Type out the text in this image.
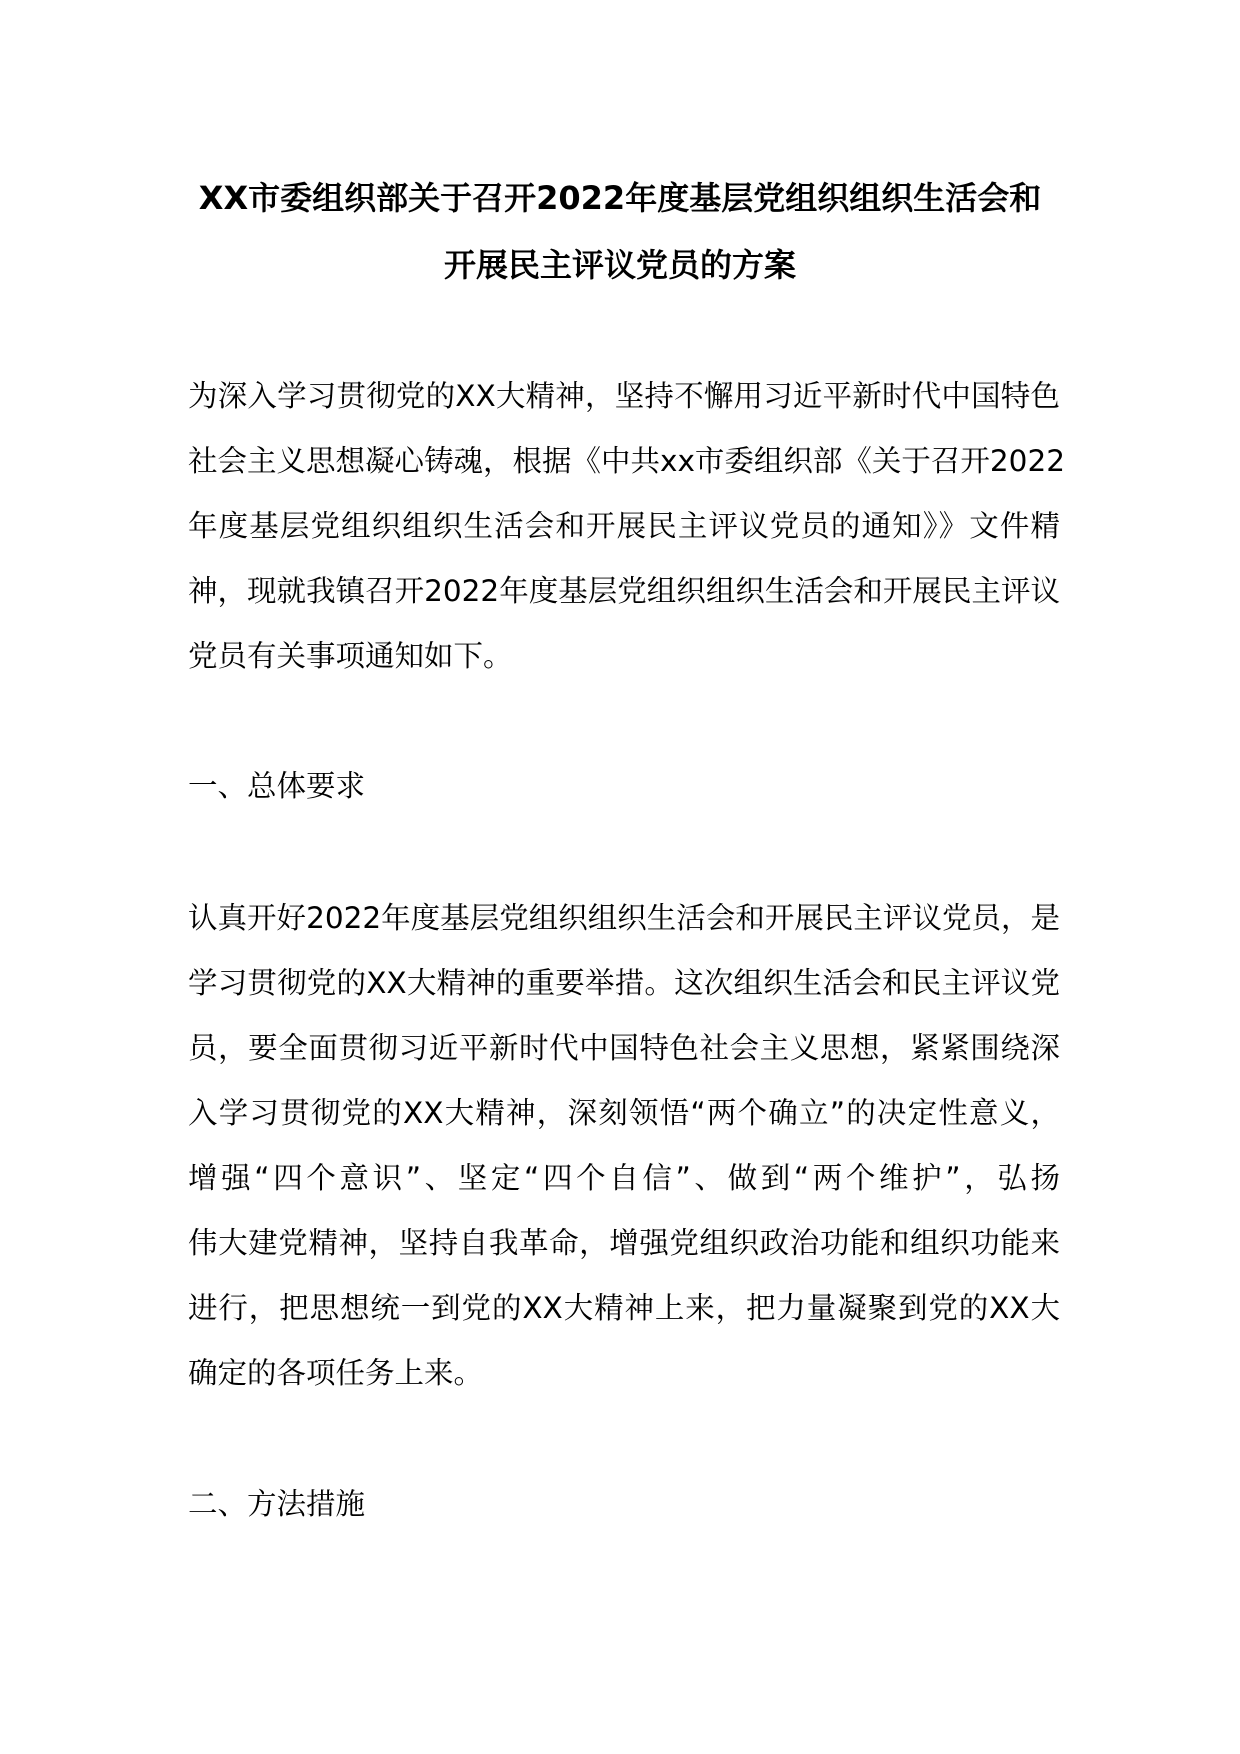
XX市委组织部关于召开2022年度基层党组织组织生活会和
开展民主评议党员的方案
为深入学习贯彻党的XX大精神，坚持不懈用习近平新时代中国特色
社会主义思想凝心铸魂，根据《中共xx市委组织部《关于召开2022
年度基层党组织组织生活会和开展民主评议党员的通知》》文件精
神，现就我镇召开2022年度基层党组织组织生活会和开展民主评议
党员有关事项通知如下。
一、总体要求
认真开好2022年度基层党组织组织生活会和开展民主评议党员，是
学习贯彻党的XX大精神的重要举措。这次组织生活会和民主评议党
员，要全面贯彻习近平新时代中国特色社会主义思想，紧紧围绕深
入学习贯彻党的XX大精神，深刻领悟“两个确立”的决定性意义，
增强“四个意识”、坚定“四个自信”、做到“两个维护”，弘扬
伟大建党精神，坚持自我革命，增强党组织政治功能和组织功能来
进行，把思想统一到党的XX大精神上来，把力量凝聚到党的XX大
确定的各项任务上来。
二、方法措施
